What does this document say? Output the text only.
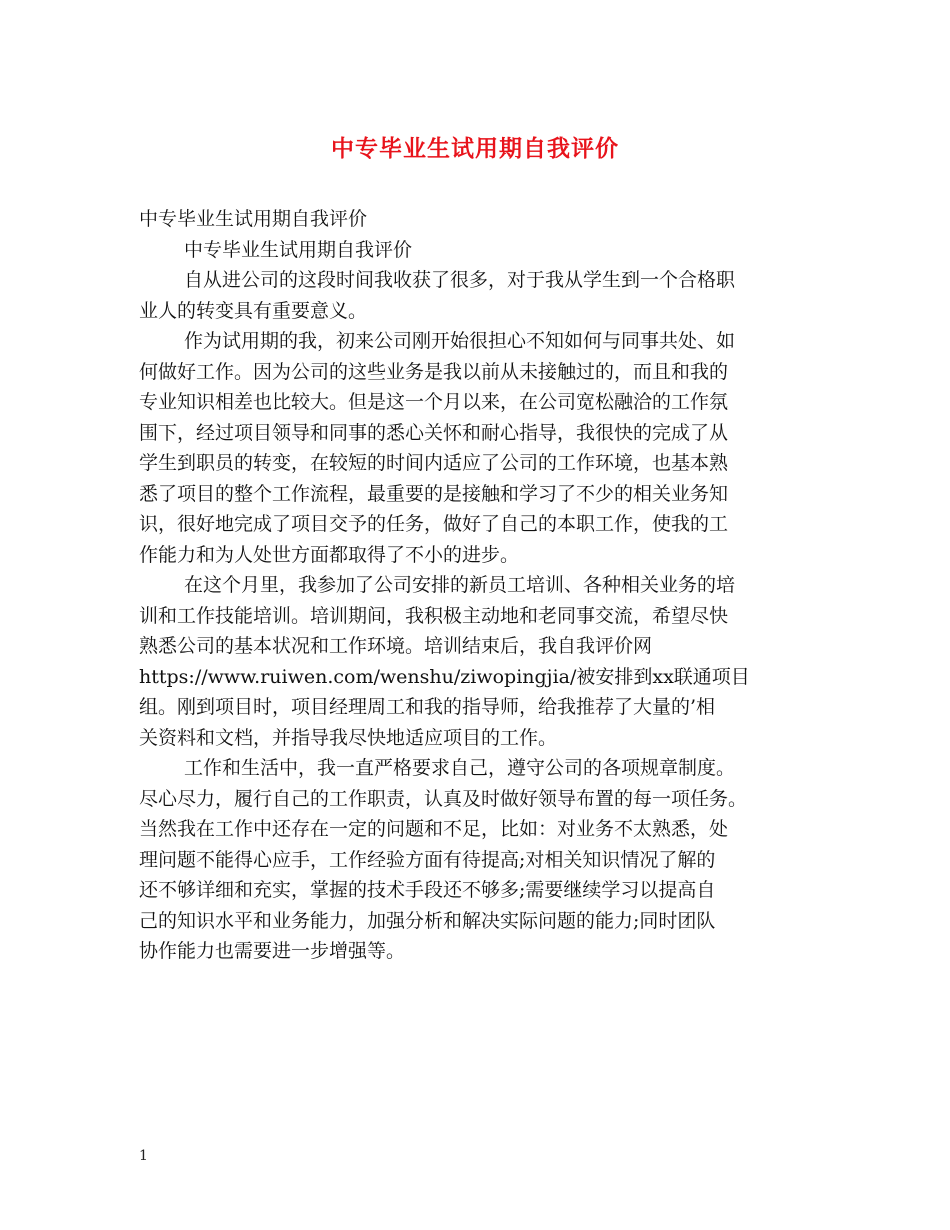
中专毕业生试用期自我评价
中专毕业生试用期自我评价
中专毕业生试用期自我评价
自从进公司的这段时间我收获了很多，对于我从学生到一个合格职
业人的转变具有重要意义。
作为试用期的我，初来公司刚开始很担心不知如何与同事共处、如
何做好工作。因为公司的这些业务是我以前从未接触过的，而且和我的
专业知识相差也比较大。但是这一个月以来，在公司宽松融洽的工作氛
围下，经过项目领导和同事的悉心关怀和耐心指导，我很快的完成了从
学生到职员的转变，在较短的时间内适应了公司的工作环境，也基本熟
悉了项目的整个工作流程，最重要的是接触和学习了不少的相关业务知
识，很好地完成了项目交予的任务，做好了自己的本职工作，使我的工
作能力和为人处世方面都取得了不小的进步。
在这个月里，我参加了公司安排的新员工培训、各种相关业务的培
训和工作技能培训。培训期间，我积极主动地和老同事交流，希望尽快
熟悉公司的基本状况和工作环境。培训结束后，我自我评价网
https://www.ruiwen.com/wenshu/ziwopingjia/被安排到xx联通项目
组。刚到项目时，项目经理周工和我的指导师，给我推荐了大量的’相
关资料和文档，并指导我尽快地适应项目的工作。
工作和生活中，我一直严格要求自己，遵守公司的各项规章制度。
尽心尽力，履行自己的工作职责，认真及时做好领导布置的每一项任务。
当然我在工作中还存在一定的问题和不足，比如：对业务不太熟悉，处
理问题不能得心应手，工作经验方面有待提高;对相关知识情况了解的
还不够详细和充实，掌握的技术手段还不够多;需要继续学习以提高自
己的知识水平和业务能力，加强分析和解决实际问题的能力;同时团队
协作能力也需要进一步增强等。
1
